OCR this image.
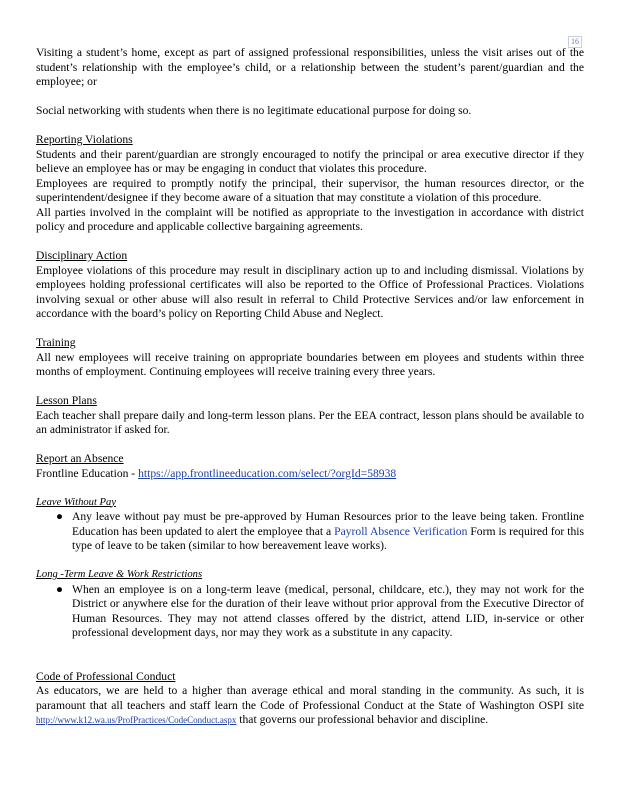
16

Visiting a student’s home, except as part of assigned professional responsibilities, unless the visit arises out of the student’s relationship with the employee’s child, or a relationship between the student’s parent/guardian and the employee; or

Social networking with students when there is no legitimate educational purpose for doing so.

Reporting Violations

Students and their parent/guardian are strongly encouraged to notify the principal or area executive director if they believe an employee has or may be engaging in conduct that violates this procedure.

Employees are required to promptly notify the principal, their supervisor, the human resources director, or the superintendent/designee if they become aware of a situation that may constitute a violation of this procedure.

All parties involved in the complaint will be notified as appropriate to the investigation in accordance with district policy and procedure and applicable collective bargaining agreements.

Disciplinary Action

Employee violations of this procedure may result in disciplinary action up to and including dismissal. Violations by employees holding professional certificates will also be reported to the Office of Professional Practices. Violations involving sexual or other abuse will also result in referral to Child Protective Services and/or law enforcement in accordance with the board’s policy on Reporting Child Abuse and Neglect.

Training

All new employees will receive training on appropriate boundaries between em ployees and students within three months of employment. Continuing employees will receive training every three years.

Lesson Plans

Each teacher shall prepare daily and long-term lesson plans. Per the EEA contract, lesson plans should be available to an administrator if asked for.

Report an Absence

Frontline Education - https://app.frontlineeducation.com/select/?orgId=58938

Leave Without Pay

● Any leave without pay must be pre-approved by Human Resources prior to the leave being taken. Frontline Education has been updated to alert the employee that a Payroll Absence Verification Form is required for this type of leave to be taken (similar to how bereavement leave works).

Long -Term Leave & Work Restrictions

● When an employee is on a long-term leave (medical, personal, childcare, etc.), they may not work for the District or anywhere else for the duration of their leave without prior approval from the Executive Director of Human Resources. They may not attend classes offered by the district, attend LID, in-service or other professional development days, nor may they work as a substitute in any capacity.

Code of Professional Conduct

As educators, we are held to a higher than average ethical and moral standing in the community. As such, it is paramount that all teachers and staff learn the Code of Professional Conduct at the State of Washington OSPI site http://www.k12.wa.us/ProfPractices/CodeConduct.aspx that governs our professional behavior and discipline.
